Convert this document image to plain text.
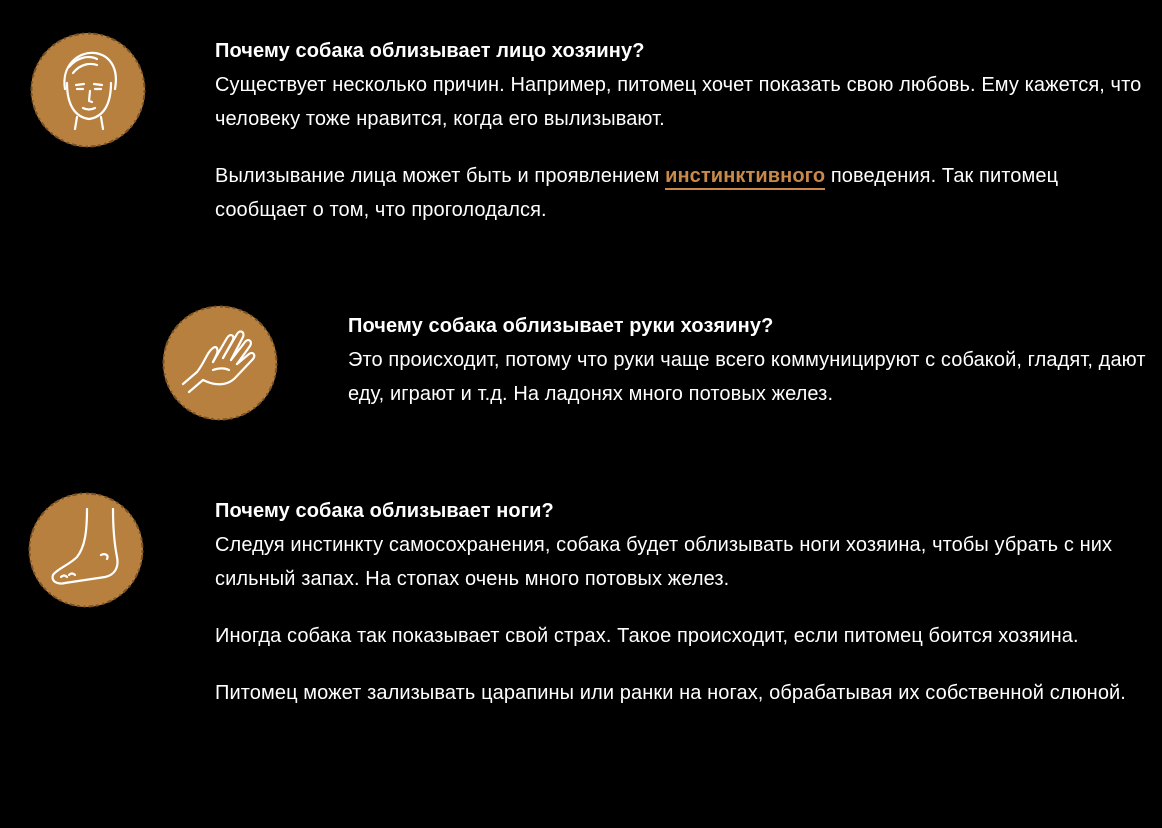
Почему собака облизывает лицо хозяину?

Существует несколько причин. Например, питомец хочет показать свою любовь. Ему кажется, что человеку тоже нравится, когда его вылизывают.

Вылизывание лица может быть и проявлением инстинктивного поведения. Так питомец сообщает о том, что проголодался.

Почему собака облизывает руки хозяину?

Это происходит, потому что руки чаще всего коммуницируют с собакой, гладят, дают еду, играют и т.д. На ладонях много потовых желез.

Почему собака облизывает ноги?

Следуя инстинкту самосохранения, собака будет облизывать ноги хозяина, чтобы убрать с них сильный запах. На стопах очень много потовых желез.

Иногда собака так показывает свой страх. Такое происходит, если питомец боится хозяина.

Питомец может зализывать царапины или ранки на ногах, обрабатывая их собственной слюной.
